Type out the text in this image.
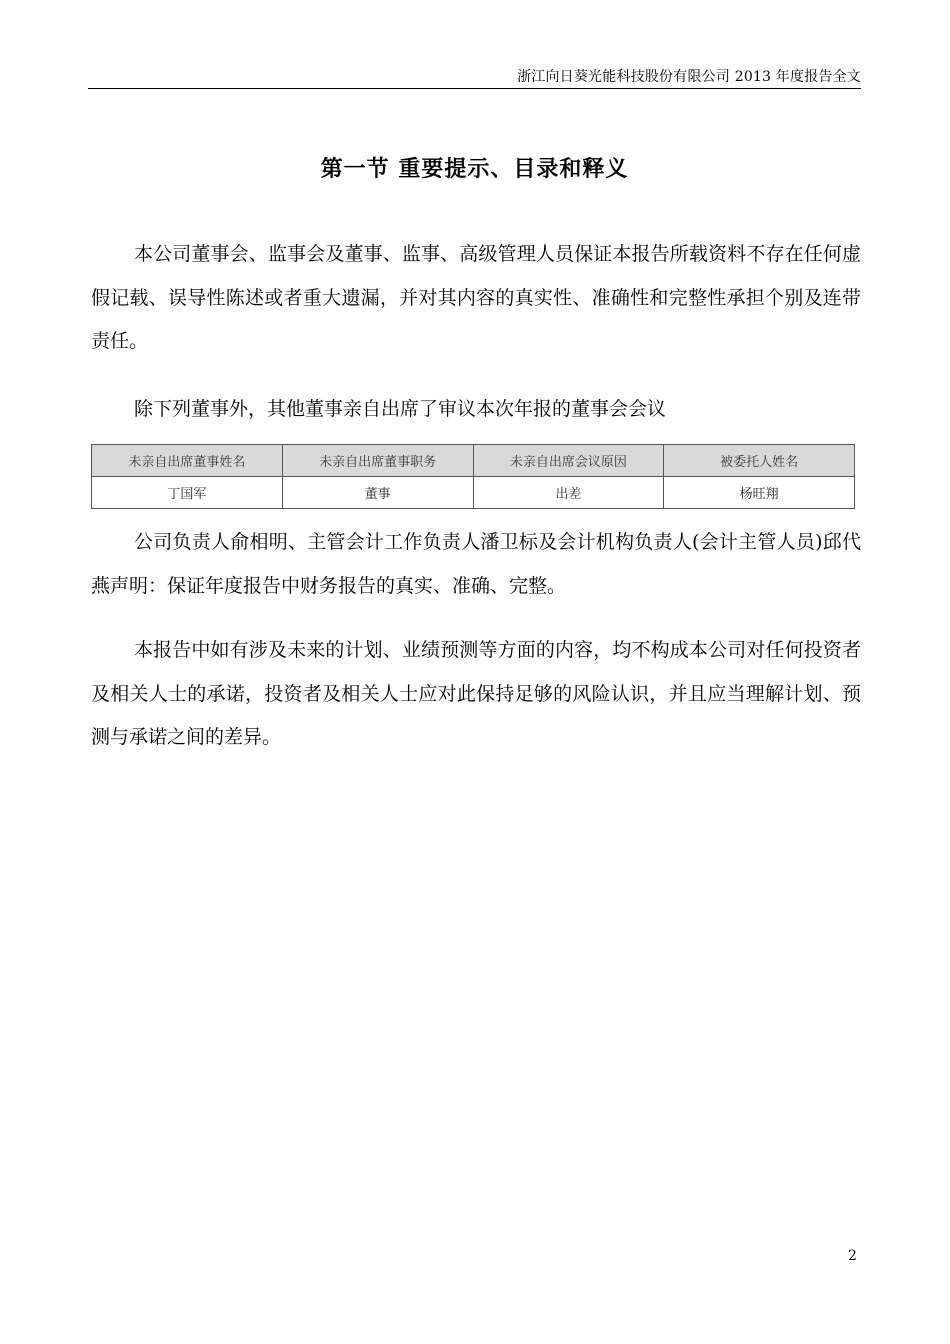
浙江向日葵光能科技股份有限公司 2013 年度报告全文
第一节 重要提示、目录和释义

本公司董事会、监事会及董事、监事、高级管理人员保证本报告所载资料不存在任何虚假记载、误导性陈述或者重大遗漏，并对其内容的真实性、准确性和完整性承担个别及连带责任。

除下列董事外，其他董事亲自出席了审议本次年报的董事会会议

未亲自出席董事姓名	未亲自出席董事职务	未亲自出席会议原因	被委托人姓名
丁国军	董事	出差	杨旺翔

公司负责人俞相明、主管会计工作负责人潘卫标及会计机构负责人(会计主管人员)邱代燕声明：保证年度报告中财务报告的真实、准确、完整。

本报告中如有涉及未来的计划、业绩预测等方面的内容，均不构成本公司对任何投资者及相关人士的承诺，投资者及相关人士应对此保持足够的风险认识，并且应当理解计划、预测与承诺之间的差异。

2
